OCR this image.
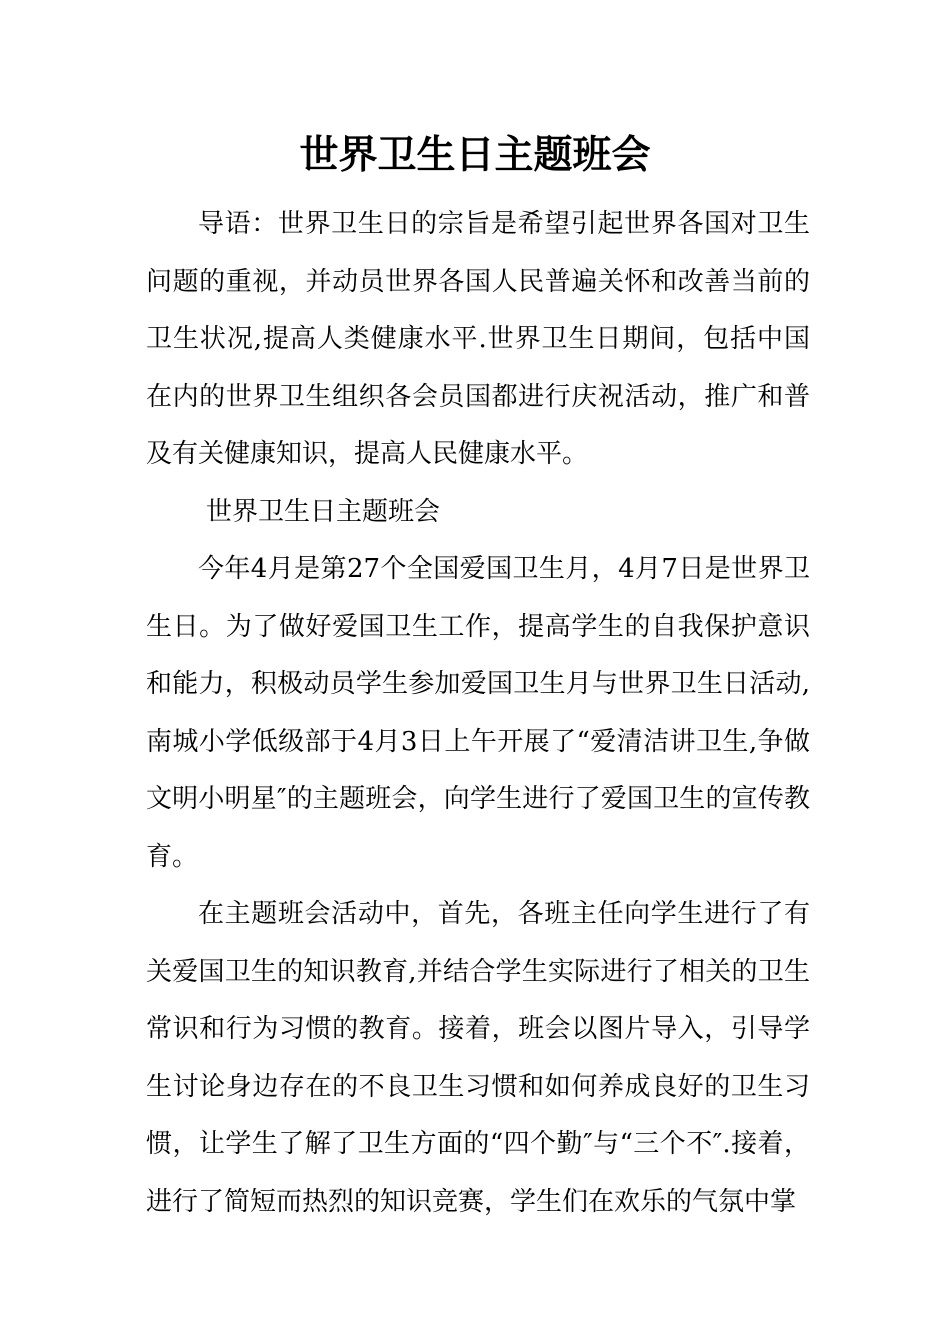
世界卫生日主题班会

导语：世界卫生日的宗旨是希望引起世界各国对卫生问题的重视，并动员世界各国人民普遍关怀和改善当前的卫生状况,提高人类健康水平.世界卫生日期间，包括中国在内的世界卫生组织各会员国都进行庆祝活动，推广和普及有关健康知识，提高人民健康水平。

世界卫生日主题班会

今年4月是第27个全国爱国卫生月，4月7日是世界卫生日。为了做好爱国卫生工作，提高学生的自我保护意识和能力，积极动员学生参加爱国卫生月与世界卫生日活动,南城小学低级部于4月3日上午开展了“爱清洁讲卫生,争做文明小明星″的主题班会，向学生进行了爱国卫生的宣传教育。

在主题班会活动中，首先，各班主任向学生进行了有关爱国卫生的知识教育,并结合学生实际进行了相关的卫生常识和行为习惯的教育。接着，班会以图片导入，引导学生讨论身边存在的不良卫生习惯和如何养成良好的卫生习惯，让学生了解了卫生方面的“四个勤″与“三个不″.接着，进行了简短而热烈的知识竞赛，学生们在欢乐的气氛中掌
